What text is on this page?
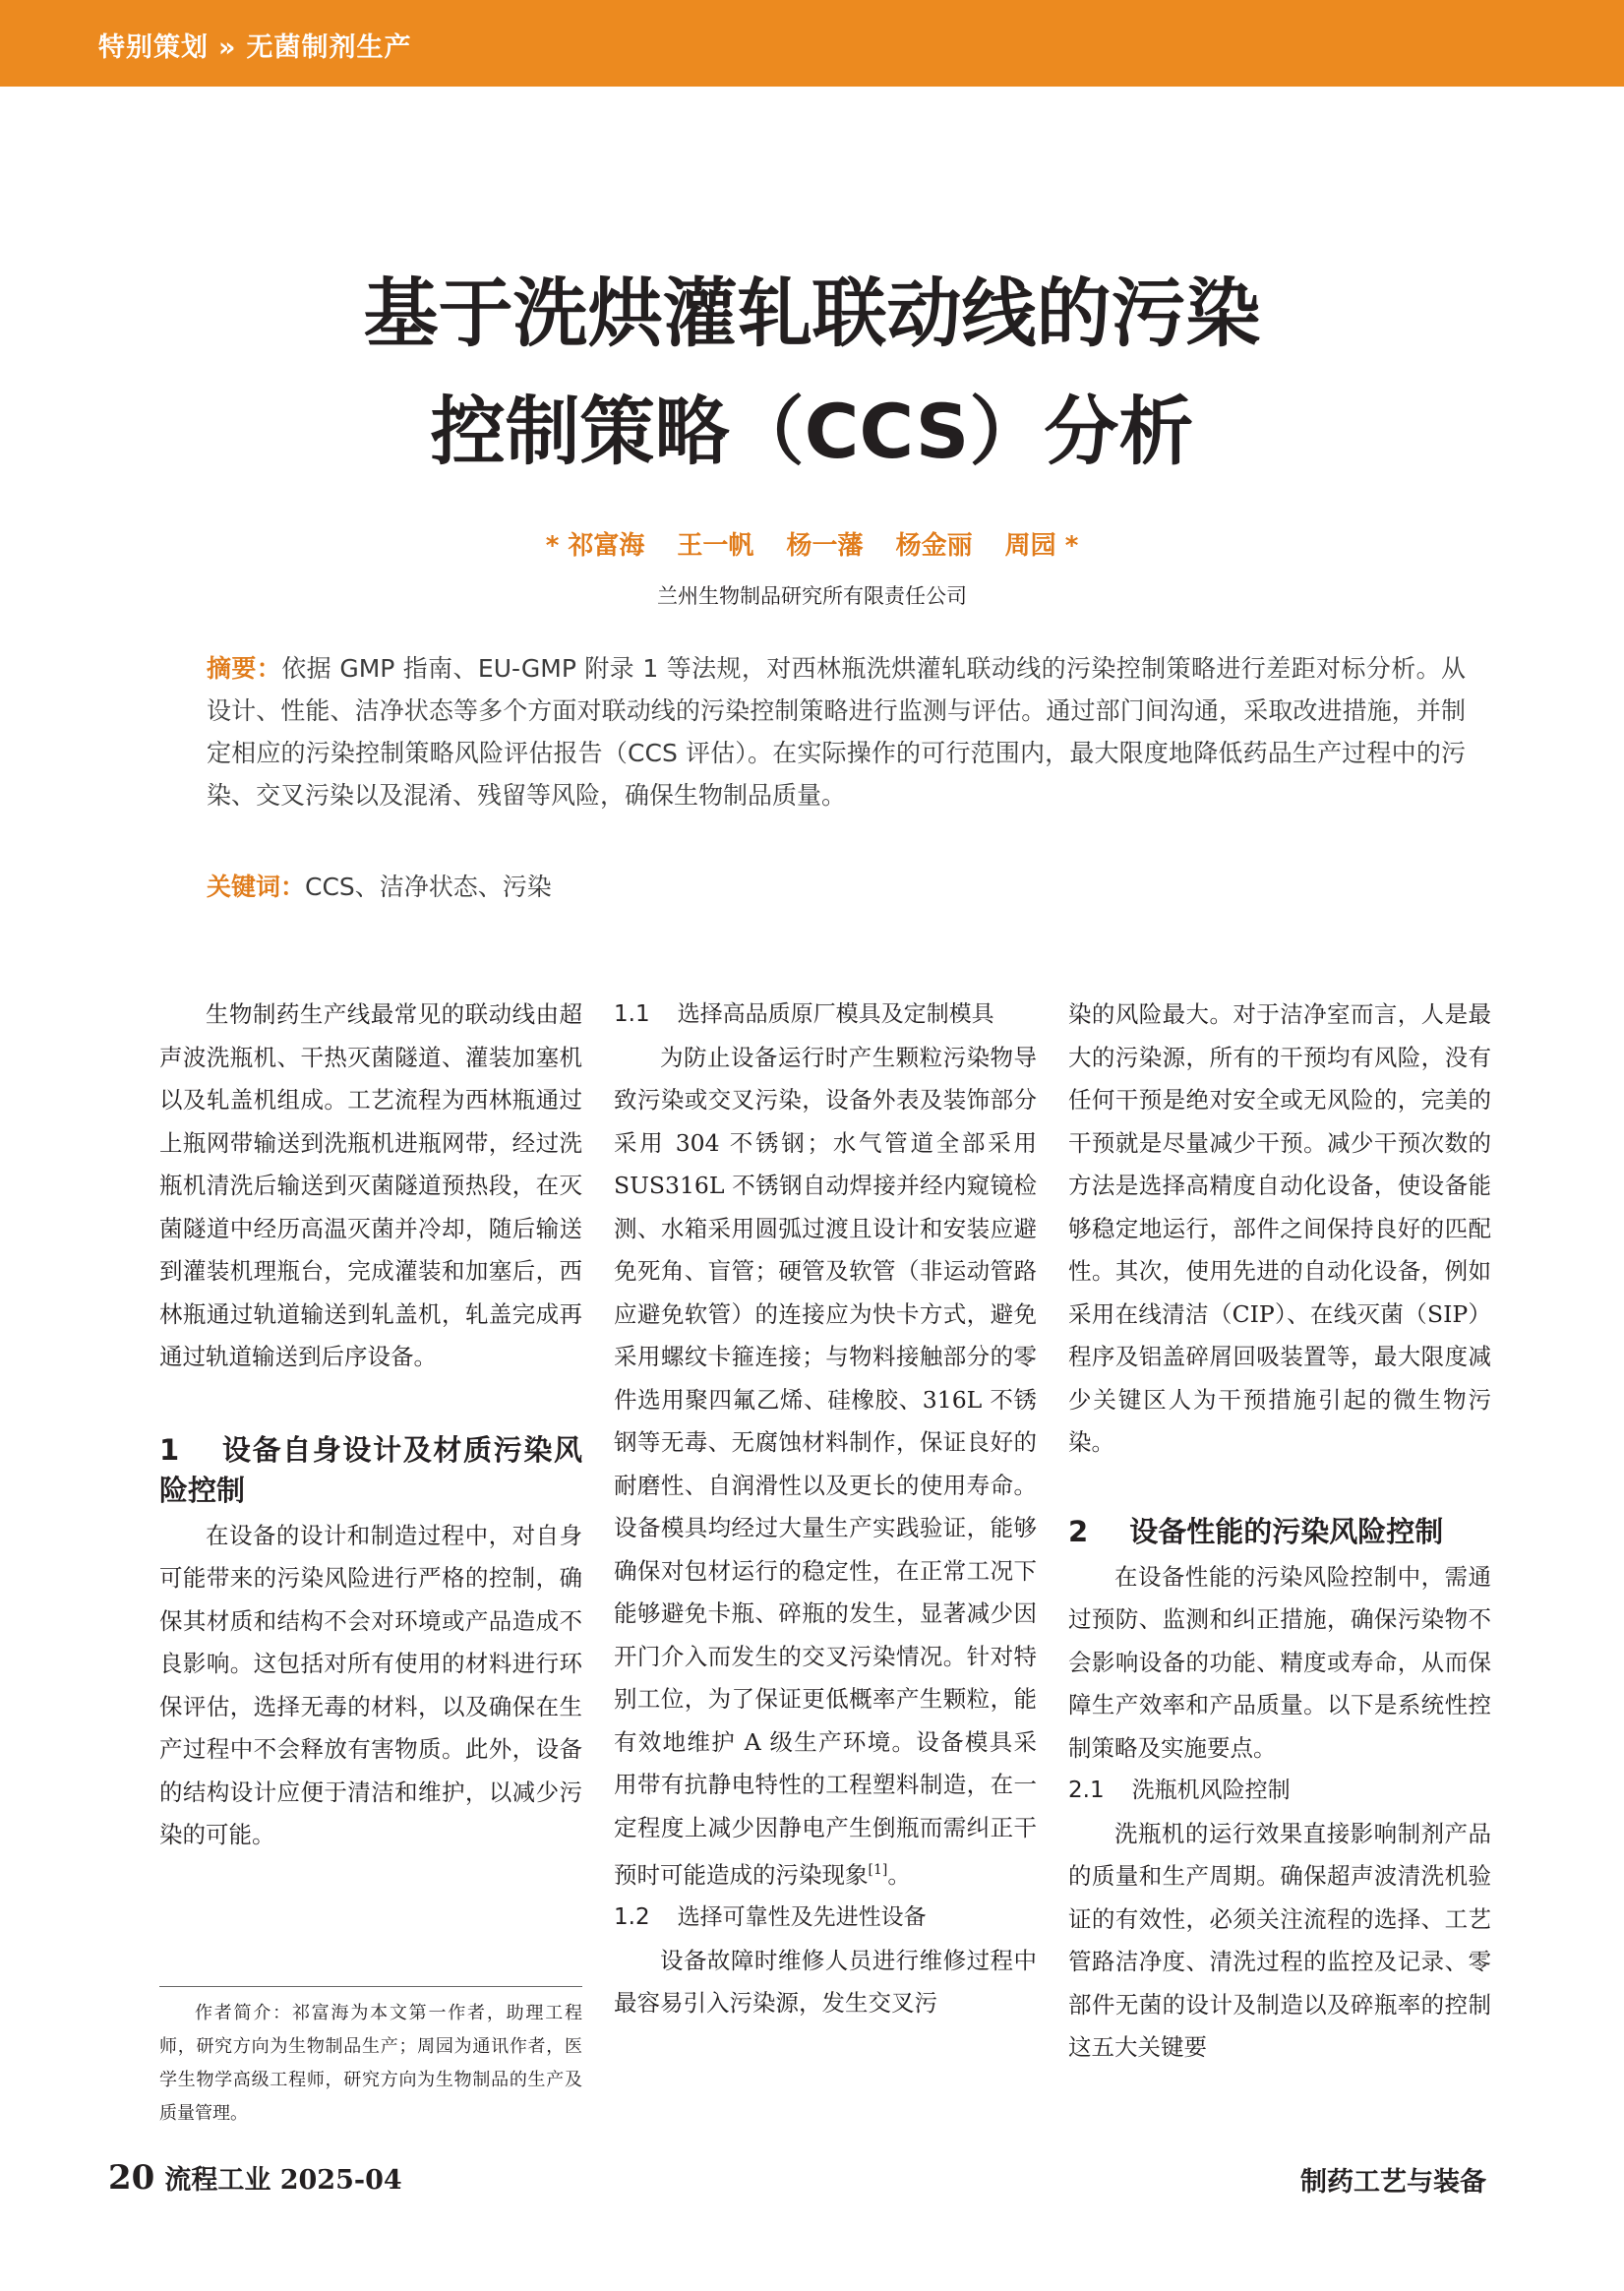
特别策划 » 无菌制剂生产
基于洗烘灌轧联动线的污染
控制策略（CCS）分析
* 祁富海 王一帆 杨一藩 杨金丽 周园 *
兰州生物制品研究所有限责任公司
摘要：依据 GMP 指南、EU-GMP 附录 1 等法规，对西林瓶洗烘灌轧联动线的污染控制策略进行差距对标分析。从设计、性能、洁净状态等多个方面对联动线的污染控制策略进行监测与评估。通过部门间沟通，采取改进措施，并制定相应的污染控制策略风险评估报告（CCS 评估）。在实际操作的可行范围内，最大限度地降低药品生产过程中的污染、交叉污染以及混淆、残留等风险，确保生物制品质量。
关键词：CCS、洁净状态、污染

生物制药生产线最常见的联动线由超声波洗瓶机、干热灭菌隧道、灌装加塞机以及轧盖机组成。工艺流程为西林瓶通过上瓶网带输送到洗瓶机进瓶网带，经过洗瓶机清洗后输送到灭菌隧道预热段，在灭菌隧道中经历高温灭菌并冷却，随后输送到灌装机理瓶台，完成灌装和加塞后，西林瓶通过轨道输送到轧盖机，轧盖完成再通过轨道输送到后序设备。

1 设备自身设计及材质污染风险控制

在设备的设计和制造过程中，对自身可能带来的污染风险进行严格的控制，确保其材质和结构不会对环境或产品造成不良影响。这包括对所有使用的材料进行环保评估，选择无毒的材料，以及确保在生产过程中不会释放有害物质。此外，设备的结构设计应便于清洁和维护，以减少污染的可能。

1.1 选择高品质原厂模具及定制模具

为防止设备运行时产生颗粒污染物导致污染或交叉污染，设备外表及装饰部分采用 304 不锈钢；水气管道全部采用 SUS316L 不锈钢自动焊接并经内窥镜检测、水箱采用圆弧过渡且设计和安装应避免死角、盲管；硬管及软管（非运动管路应避免软管）的连接应为快卡方式，避免采用螺纹卡箍连接；与物料接触部分的零件选用聚四氟乙烯、硅橡胶、316L 不锈钢等无毒、无腐蚀材料制作，保证良好的耐磨性、自润滑性以及更长的使用寿命。设备模具均经过大量生产实践验证，能够确保对包材运行的稳定性，在正常工况下能够避免卡瓶、碎瓶的发生，显著减少因开门介入而发生的交叉污染情况。针对特别工位，为了保证更低概率产生颗粒，能有效地维护 A 级生产环境。设备模具采用带有抗静电特性的工程塑料制造，在一定程度上减少因静电产生倒瓶而需纠正干预时可能造成的污染现象[1]。

1.2 选择可靠性及先进性设备

设备故障时维修人员进行维修过程中最容易引入污染源，发生交叉污

染的风险最大。对于洁净室而言，人是最大的污染源，所有的干预均有风险，没有任何干预是绝对安全或无风险的，完美的干预就是尽量减少干预。减少干预次数的方法是选择高精度自动化设备，使设备能够稳定地运行，部件之间保持良好的匹配性。其次，使用先进的自动化设备，例如采用在线清洁（CIP）、在线灭菌（SIP）程序及铝盖碎屑回吸装置等，最大限度减少关键区人为干预措施引起的微生物污染。

2 设备性能的污染风险控制

在设备性能的污染风险控制中，需通过预防、监测和纠正措施，确保污染物不会影响设备的功能、精度或寿命，从而保障生产效率和产品质量。以下是系统性控制策略及实施要点。

2.1 洗瓶机风险控制

洗瓶机的运行效果直接影响制剂产品的质量和生产周期。确保超声波清洗机验证的有效性，必须关注流程的选择、工艺管路洁净度、清洗过程的监控及记录、零部件无菌的设计及制造以及碎瓶率的控制这五大关键要

作者简介：祁富海为本文第一作者，助理工程师，研究方向为生物制品生产；周园为通讯作者，医学生物学高级工程师，研究方向为生物制品的生产及质量管理。
20 流程工业 2025-04	制药工艺与装备
